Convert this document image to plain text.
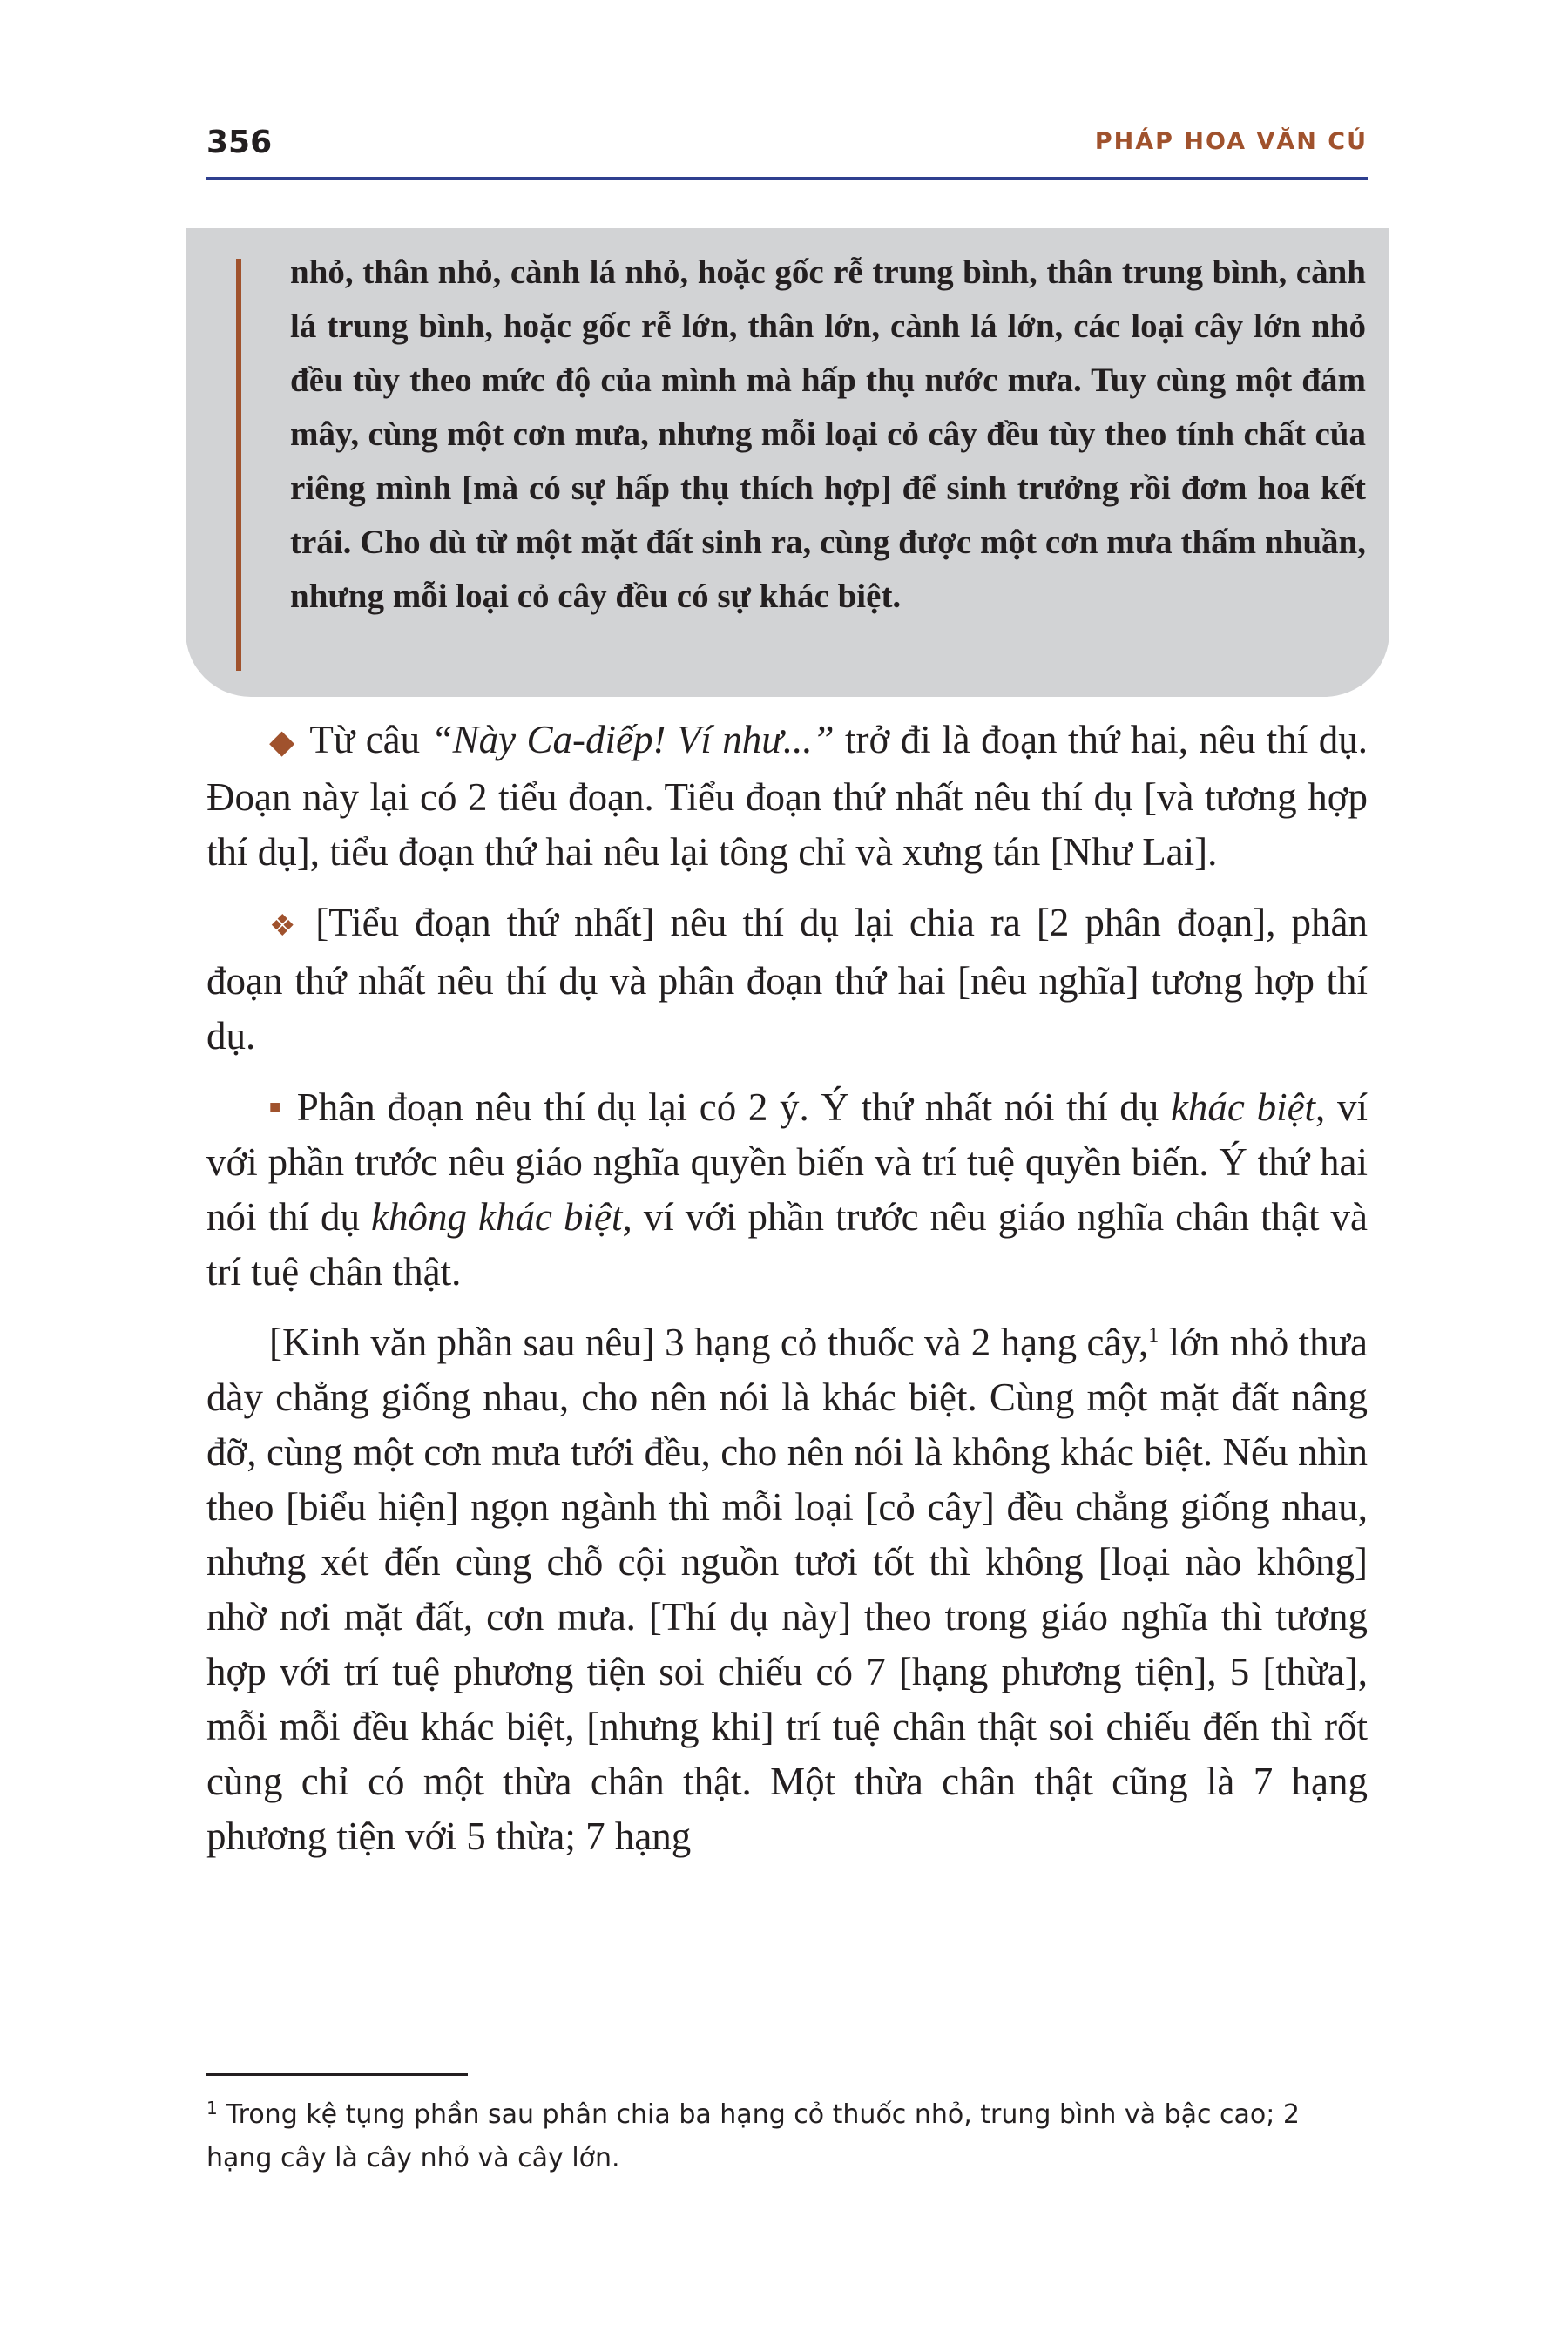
356	PHÁP HOA VĂN CÚ
nhỏ, thân nhỏ, cành lá nhỏ, hoặc gốc rễ trung bình, thân trung bình, cành lá trung bình, hoặc gốc rễ lớn, thân lớn, cành lá lớn, các loại cây lớn nhỏ đều tùy theo mức độ của mình mà hấp thụ nước mưa. Tuy cùng một đám mây, cùng một cơn mưa, nhưng mỗi loại cỏ cây đều tùy theo tính chất của riêng mình [mà có sự hấp thụ thích hợp] để sinh trưởng rồi đơm hoa kết trái. Cho dù từ một mặt đất sinh ra, cùng được một cơn mưa thấm nhuần, nhưng mỗi loại cỏ cây đều có sự khác biệt.

◆ Từ câu “Này Ca-diếp! Ví như...” trở đi là đoạn thứ hai, nêu thí dụ. Đoạn này lại có 2 tiểu đoạn. Tiểu đoạn thứ nhất nêu thí dụ [và tương hợp thí dụ], tiểu đoạn thứ hai nêu lại tông chỉ và xưng tán [Như Lai].

❖ [Tiểu đoạn thứ nhất] nêu thí dụ lại chia ra [2 phân đoạn], phân đoạn thứ nhất nêu thí dụ và phân đoạn thứ hai [nêu nghĩa] tương hợp thí dụ.

■ Phân đoạn nêu thí dụ lại có 2 ý. Ý thứ nhất nói thí dụ khác biệt, ví với phần trước nêu giáo nghĩa quyền biến và trí tuệ quyền biến. Ý thứ hai nói thí dụ không khác biệt, ví với phần trước nêu giáo nghĩa chân thật và trí tuệ chân thật.

[Kinh văn phần sau nêu] 3 hạng cỏ thuốc và 2 hạng cây,$^1$ lớn nhỏ thưa dày chẳng giống nhau, cho nên nói là khác biệt. Cùng một mặt đất nâng đỡ, cùng một cơn mưa tưới đều, cho nên nói là không khác biệt. Nếu nhìn theo [biểu hiện] ngọn ngành thì mỗi loại [cỏ cây] đều chẳng giống nhau, nhưng xét đến cùng chỗ cội nguồn tươi tốt thì không [loại nào không] nhờ nơi mặt đất, cơn mưa. [Thí dụ này] theo trong giáo nghĩa thì tương hợp với trí tuệ phương tiện soi chiếu có 7 [hạng phương tiện], 5 [thừa], mỗi mỗi đều khác biệt, [nhưng khi] trí tuệ chân thật soi chiếu đến thì rốt cùng chỉ có một thừa chân thật. Một thừa chân thật cũng là 7 hạng phương tiện với 5 thừa; 7 hạng

$^1$ Trong kệ tụng phần sau phân chia ba hạng cỏ thuốc nhỏ, trung bình và bậc cao; 2 hạng cây là cây nhỏ và cây lớn.
